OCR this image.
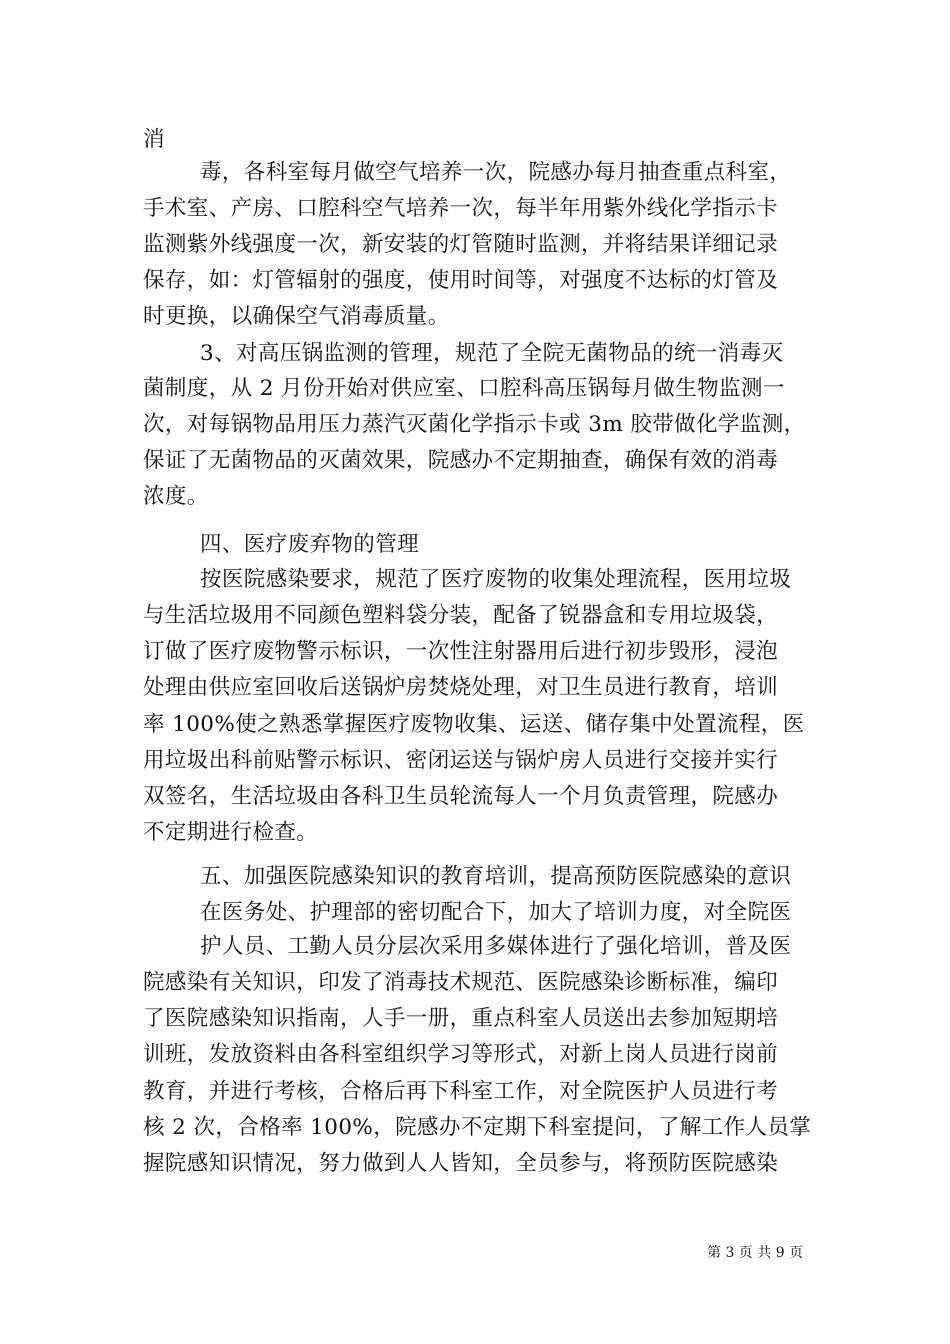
消
毒，各科室每月做空气培养一次，院感办每月抽查重点科室，
手术室、产房、口腔科空气培养一次，每半年用紫外线化学指示卡
监测紫外线强度一次，新安装的灯管随时监测，并将结果详细记录
保存，如：灯管辐射的强度，使用时间等，对强度不达标的灯管及
时更换，以确保空气消毒质量。
3、对高压锅监测的管理，规范了全院无菌物品的统一消毒灭
菌制度，从 2 月份开始对供应室、口腔科高压锅每月做生物监测一
次，对每锅物品用压力蒸汽灭菌化学指示卡或 3m 胶带做化学监测，
保证了无菌物品的灭菌效果，院感办不定期抽查，确保有效的消毒
浓度。
四、医疗废弃物的管理
按医院感染要求，规范了医疗废物的收集处理流程，医用垃圾
与生活垃圾用不同颜色塑料袋分装，配备了锐器盒和专用垃圾袋，
订做了医疗废物警示标识，一次性注射器用后进行初步毁形，浸泡
处理由供应室回收后送锅炉房焚烧处理，对卫生员进行教育，培训
率 100%使之熟悉掌握医疗废物收集、运送、储存集中处置流程，医
用垃圾出科前贴警示标识、密闭运送与锅炉房人员进行交接并实行
双签名，生活垃圾由各科卫生员轮流每人一个月负责管理，院感办
不定期进行检查。
五、加强医院感染知识的教育培训，提高预防医院感染的意识
在医务处、护理部的密切配合下，加大了培训力度，对全院医
护人员、工勤人员分层次采用多媒体进行了强化培训，普及医
院感染有关知识，印发了消毒技术规范、医院感染诊断标准，编印
了医院感染知识指南，人手一册，重点科室人员送出去参加短期培
训班，发放资料由各科室组织学习等形式，对新上岗人员进行岗前
教育，并进行考核，合格后再下科室工作，对全院医护人员进行考
核 2 次，合格率 100%，院感办不定期下科室提问，了解工作人员掌
握院感知识情况，努力做到人人皆知，全员参与，将预防医院感染
第 3 页 共 9 页
